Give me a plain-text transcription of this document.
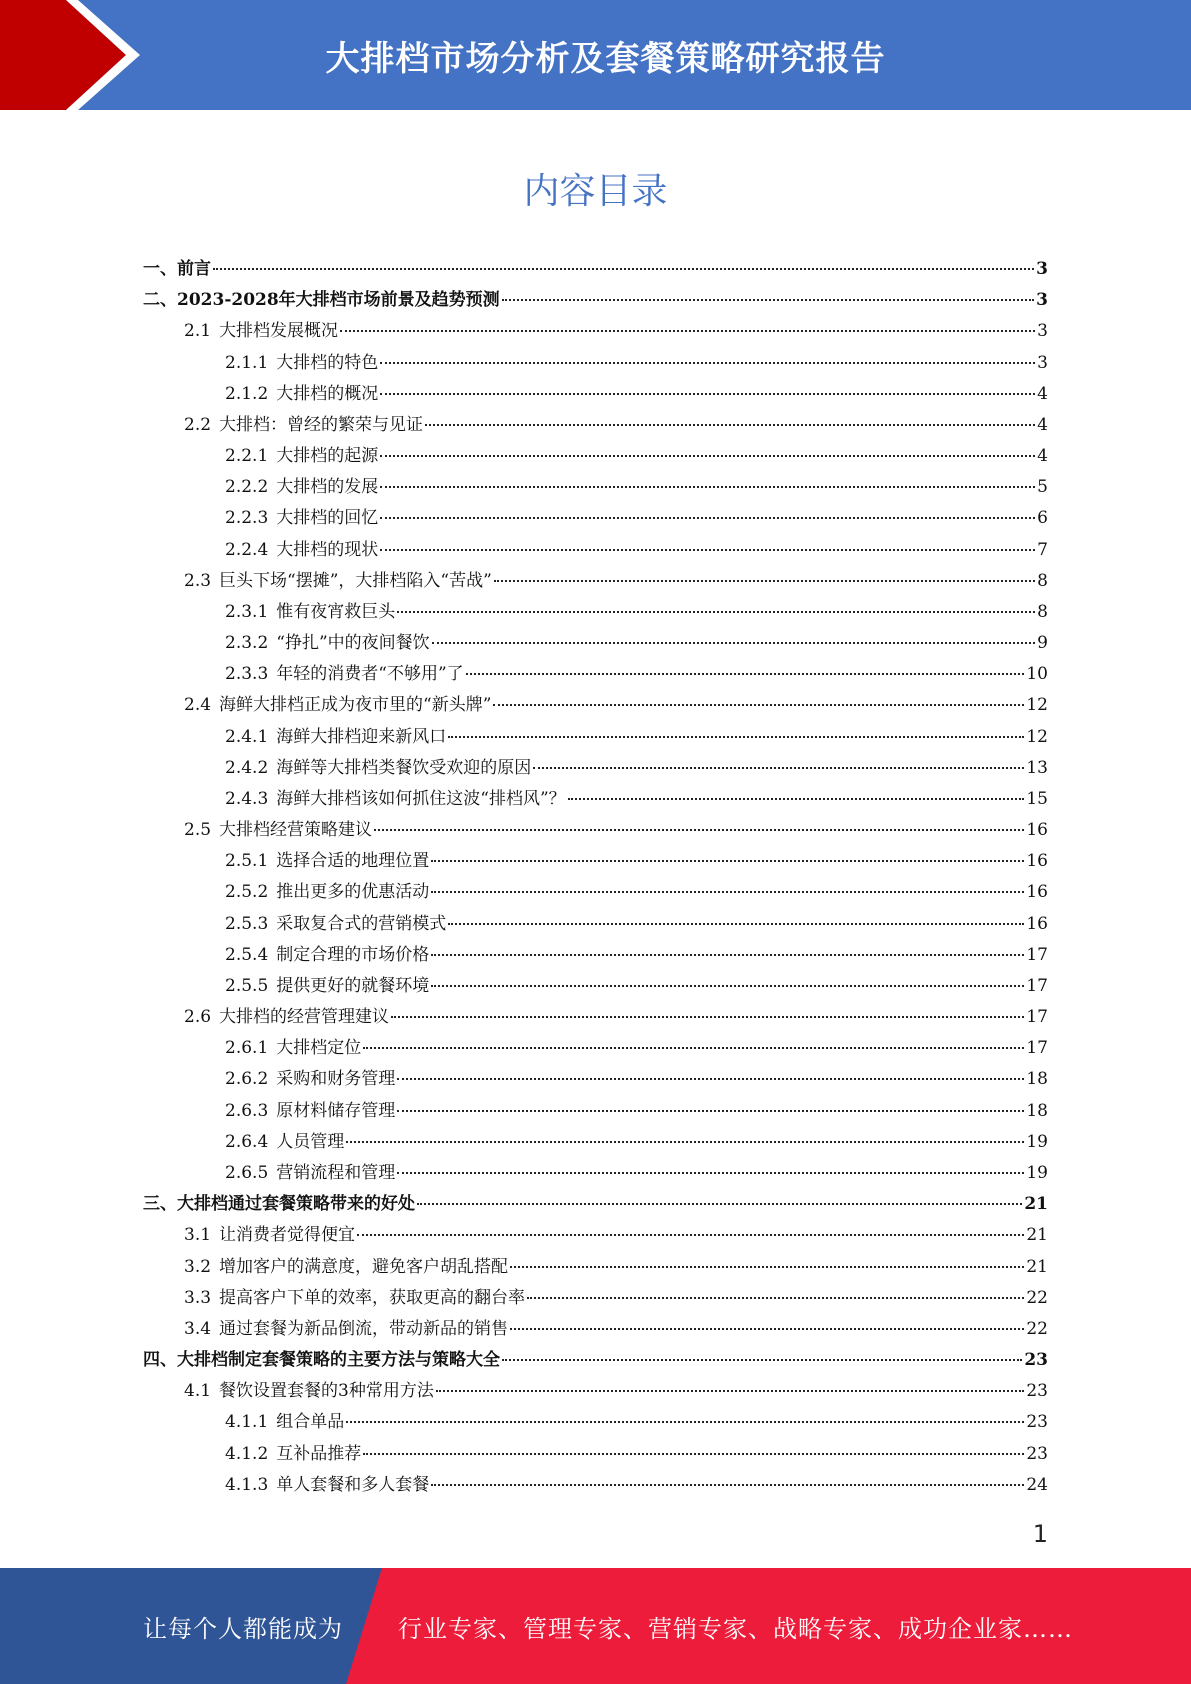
大排档市场分析及套餐策略研究报告
内容目录
一、前言	3
二、2023-2028年大排档市场前景及趋势预测	3
2.1 大排档发展概况	3
2.1.1 大排档的特色	3
2.1.2 大排档的概况	4
2.2 大排档：曾经的繁荣与见证	4
2.2.1 大排档的起源	4
2.2.2 大排档的发展	5
2.2.3 大排档的回忆	6
2.2.4 大排档的现状	7
2.3 巨头下场“摆摊”，大排档陷入“苦战”	8
2.3.1 惟有夜宵救巨头	8
2.3.2 “挣扎”中的夜间餐饮	9
2.3.3 年轻的消费者“不够用”了	10
2.4 海鲜大排档正成为夜市里的“新头牌”	12
2.4.1 海鲜大排档迎来新风口	12
2.4.2 海鲜等大排档类餐饮受欢迎的原因	13
2.4.3 海鲜大排档该如何抓住这波“排档风”？	15
2.5 大排档经营策略建议	16
2.5.1 选择合适的地理位置	16
2.5.2 推出更多的优惠活动	16
2.5.3 采取复合式的营销模式	16
2.5.4 制定合理的市场价格	17
2.5.5 提供更好的就餐环境	17
2.6 大排档的经营管理建议	17
2.6.1 大排档定位	17
2.6.2 采购和财务管理	18
2.6.3 原材料储存管理	18
2.6.4 人员管理	19
2.6.5 营销流程和管理	19
三、大排档通过套餐策略带来的好处	21
3.1 让消费者觉得便宜	21
3.2 增加客户的满意度，避免客户胡乱搭配	21
3.3 提高客户下单的效率，获取更高的翻台率	22
3.4 通过套餐为新品倒流，带动新品的销售	22
四、大排档制定套餐策略的主要方法与策略大全	23
4.1 餐饮设置套餐的3种常用方法	23
4.1.1 组合单品	23
4.1.2 互补品推荐	23
4.1.3 单人套餐和多人套餐	24
1
让每个人都能成为 行业专家、管理专家、营销专家、战略专家、成功企业家……
